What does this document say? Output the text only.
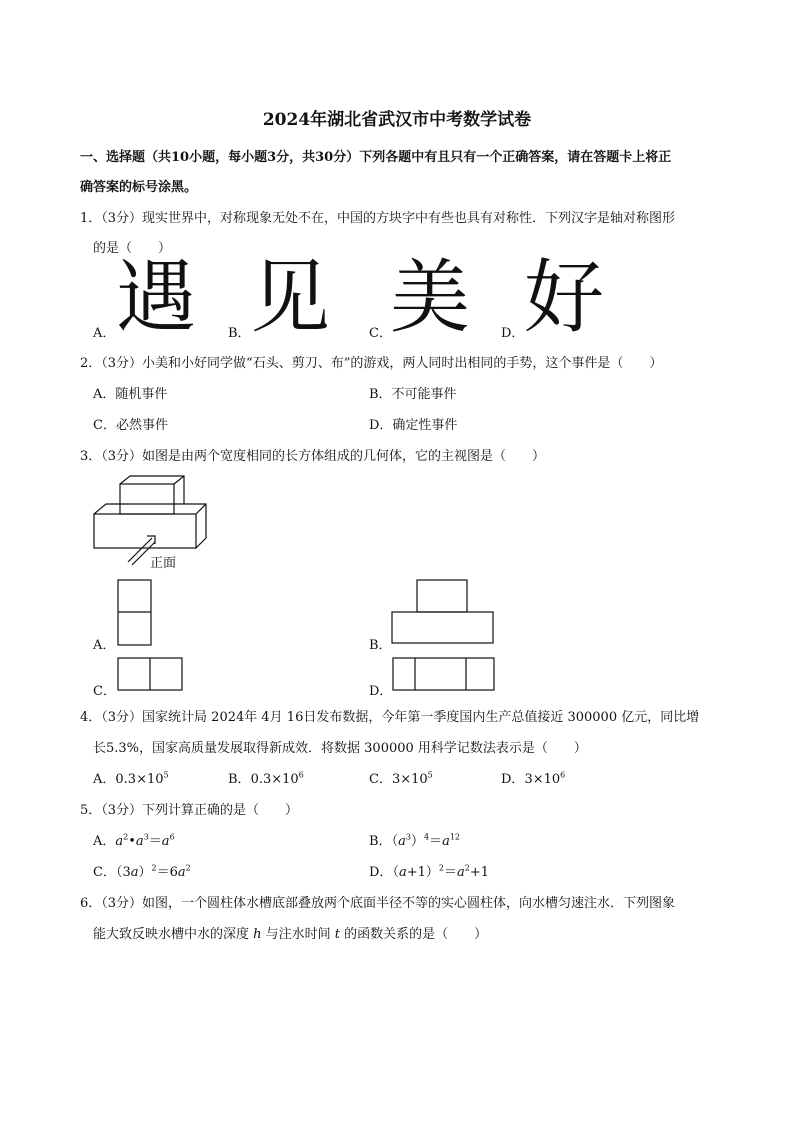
2024年湖北省武汉市中考数学试卷
一、选择题（共10小题，每小题3分，共30分）下列各题中有且只有一个正确答案，请在答题卡上将正
确答案的标号涂黑。
1．（3分）现实世界中，对称现象无处不在，中国的方块字中有些也具有对称性．下列汉字是轴对称图形
的是（　　）
A． 遇 B． 见	C．
美 D． 好
2．（3分）小美和小好同学做“石头、剪刀、布”的游戏，两人同时出相同的手势，这个事件是（　　）
A．随机事件	B．不可能事件
C．必然事件	D．确定性事件
3．（3分）如图是由两个宽度相同的长方体组成的几何体，它的主视图是（　　）
正面
A．	B．
C．	D．
4．（3分）国家统计局 2024年 4月 16日发布数据，今年第一季度国内生产总值接近 300000 亿元，同比增
长5.3%，国家高质量发展取得新成效．将数据 300000 用科学记数法表示是（　　）
A．$0.3\times 10^5$	B．$0.3\times 10^6$	C．$3\times 10^5$	D．$3\times 10^6$
5．（3分）下列计算正确的是（　　）
A．$a^2•a^3=a^6$	B．$(a^3)^4=a^{12}$
C．$(3a)^2=6a^2$	D．$(a+1)^2=a^2+1$
6．（3分）如图，一个圆柱体水槽底部叠放两个底面半径不等的实心圆柱体，向水槽匀速注水．下列图象
能大致反映水槽中水的深度 h 与注水时间 t 的函数关系的是（　　）
